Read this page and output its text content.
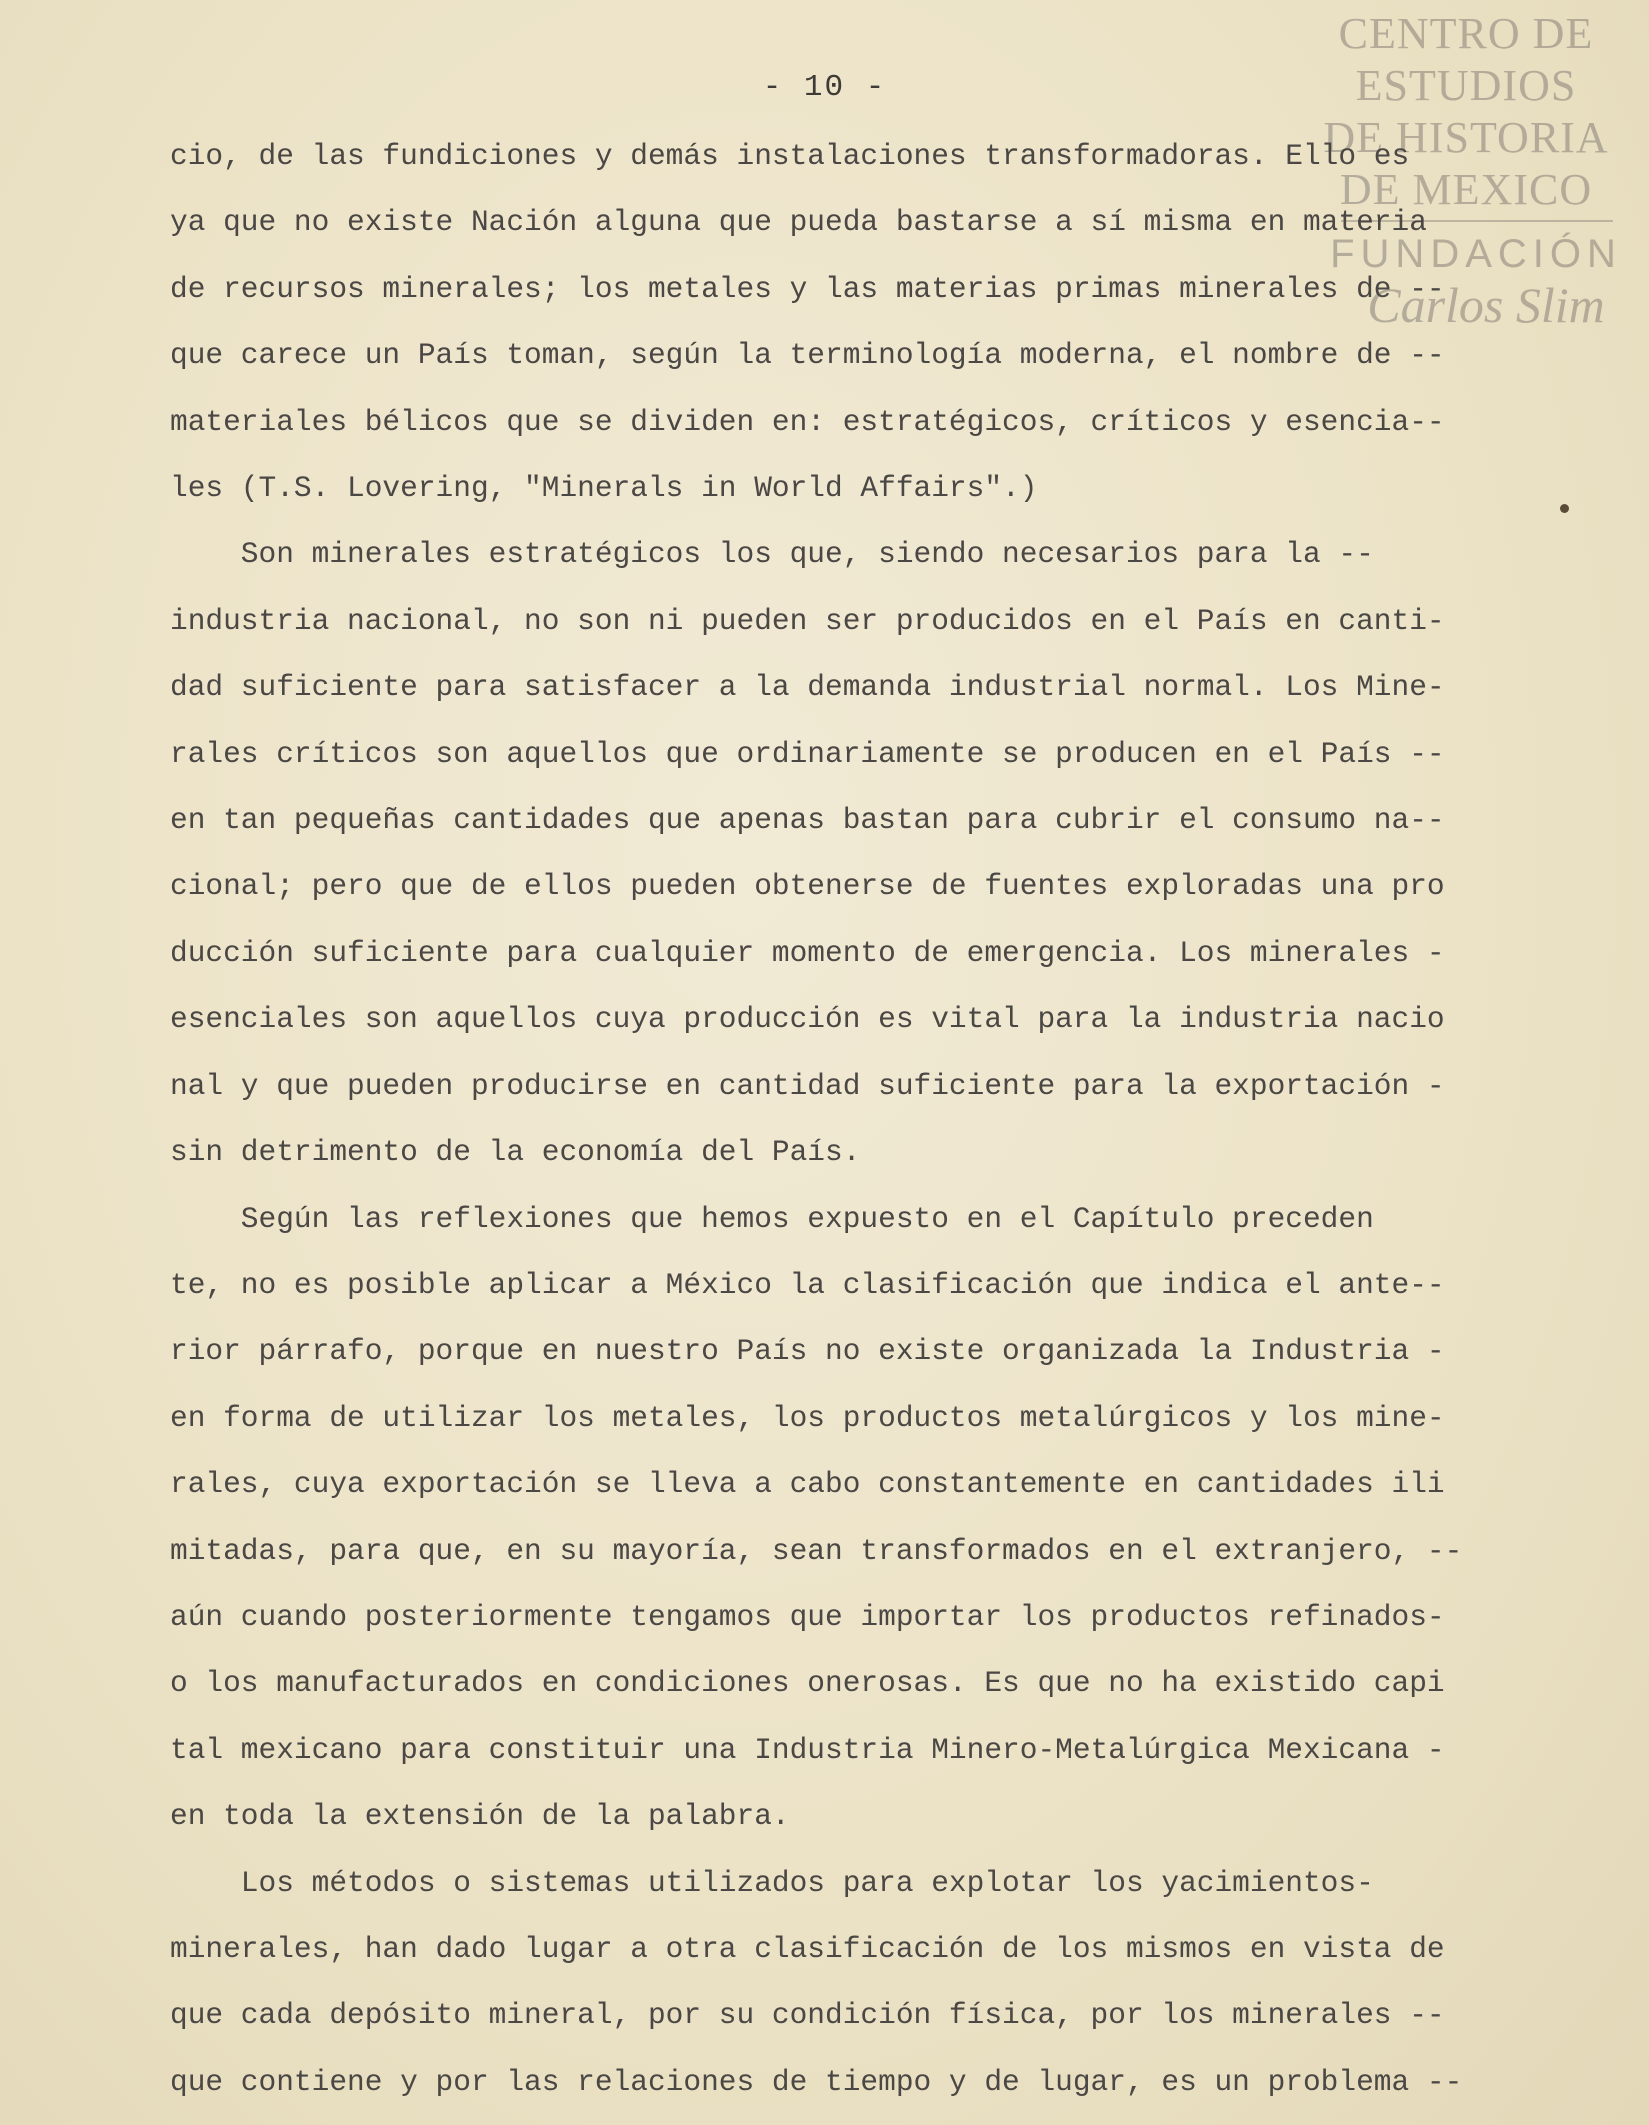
CENTRO DE
ESTUDIOS
DE HISTORIA
DE MEXICO
FUNDACIÓN
Carlos Slim
- 10 -
cio, de las fundiciones y demás instalaciones transformadoras. Ello es
ya que no existe Nación alguna que pueda bastarse a sí misma en materia
de recursos minerales; los metales y las materias primas minerales de --
que carece un País toman, según la terminología moderna, el nombre de --
materiales bélicos que se dividen en: estratégicos, críticos y esencia--
les (T.S. Lovering, "Minerals in World Affairs".)
Son minerales estratégicos los que, siendo necesarios para la --
industria nacional, no son ni pueden ser producidos en el País en canti-
dad suficiente para satisfacer a la demanda industrial normal. Los Mine-
rales críticos son aquellos que ordinariamente se producen en el País --
en tan pequeñas cantidades que apenas bastan para cubrir el consumo na--
cional; pero que de ellos pueden obtenerse de fuentes exploradas una pro
ducción suficiente para cualquier momento de emergencia. Los minerales -
esenciales son aquellos cuya producción es vital para la industria nacio
nal y que pueden producirse en cantidad suficiente para la exportación -
sin detrimento de la economía del País.
Según las reflexiones que hemos expuesto en el Capítulo preceden
te, no es posible aplicar a México la clasificación que indica el ante--
rior párrafo, porque en nuestro País no existe organizada la Industria -
en forma de utilizar los metales, los productos metalúrgicos y los mine-
rales, cuya exportación se lleva a cabo constantemente en cantidades ili
mitadas, para que, en su mayoría, sean transformados en el extranjero, --
aún cuando posteriormente tengamos que importar los productos refinados-
o los manufacturados en condiciones onerosas. Es que no ha existido capi
tal mexicano para constituir una Industria Minero-Metalúrgica Mexicana -
en toda la extensión de la palabra.
Los métodos o sistemas utilizados para explotar los yacimientos-
minerales, han dado lugar a otra clasificación de los mismos en vista de
que cada depósito mineral, por su condición física, por los minerales --
que contiene y por las relaciones de tiempo y de lugar, es un problema --
